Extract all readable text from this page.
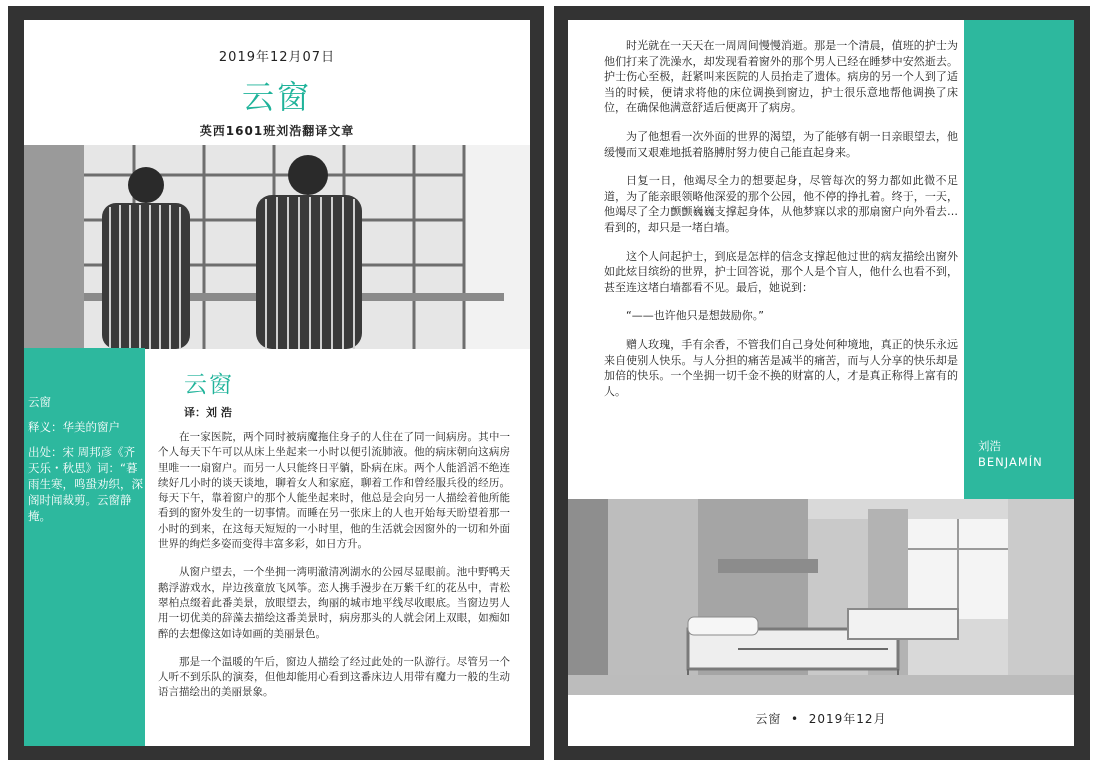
2019年12月07日
云窗
英西1601班刘浩翻译文章

云窗

释义：华美的窗户

出处：宋 周邦彦《齐天乐・秋思》词：“暮雨生寒，鸣蛩劝织，深阁时闻裁剪。云窗静掩。

云窗
译：刘 浩

在一家医院，两个同时被病魔拖住身子的人住在了同一间病房。其中一个人每天下午可以从床上坐起来一小时以便引流肺液。他的病床朝向这病房里唯一一扇窗户。而另一人只能终日平躺，卧病在床。两个人能滔滔不绝连续好几小时的谈天谈地，聊着女人和家庭，聊着工作和曾经服兵役的经历。每天下午，靠着窗户的那个人能坐起来时，他总是会向另一人描绘着他所能看到的窗外发生的一切事情。而睡在另一张床上的人也开始每天盼望着那一小时的到来，在这每天短短的一小时里，他的生活就会因窗外的一切和外面世界的绚烂多姿而变得丰富多彩，如日方升。

从窗户望去，一个坐拥一湾明澈清冽湖水的公园尽显眼前。池中野鸭天鹅浮游戏水，岸边孩童放飞风筝。恋人携手漫步在万紫千红的花丛中，青松翠柏点缀着此番美景，放眼望去，绚丽的城市地平线尽收眼底。当窗边男人用一切优美的辞藻去描绘这番美景时，病房那头的人就会闭上双眼，如痴如醉的去想像这如诗如画的美丽景色。

那是一个温暖的午后，窗边人描绘了经过此处的一队游行。尽管另一个人听不到乐队的演奏，但他却能用心看到这番床边人用带有魔力一般的生动语言描绘出的美丽景象。

时光就在一天天在一周周间慢慢消逝。那是一个清晨，值班的护士为他们打来了洗澡水，却发现看着窗外的那个男人已经在睡梦中安然逝去。护士伤心至极，赶紧叫来医院的人员抬走了遗体。病房的另一个人到了适当的时候，便请求将他的床位调换到窗边，护士很乐意地帮他调换了床位，在确保他满意舒适后便离开了病房。

为了他想看一次外面的世界的渴望，为了能够有朝一日亲眼望去，他缓慢而又艰难地抵着胳膊肘努力使自己能直起身来。

日复一日，他竭尽全力的想要起身，尽管每次的努力都如此微不足道，为了能亲眼领略他深爱的那个公园，他不停的挣扎着。终于，一天，他竭尽了全力颤颤巍巍支撑起身体，从他梦寐以求的那扇窗户向外看去…看到的，却只是一堵白墙。

这个人问起护士，到底是怎样的信念支撑起他过世的病友描绘出窗外如此炫目缤纷的世界，护士回答说，那个人是个盲人，他什么也看不到，甚至连这堵白墙都看不见。最后，她说到：

“——也许他只是想鼓励你。”

赠人玫瑰，手有余香，不管我们自己身处何种境地，真正的快乐永远来自使别人快乐。与人分担的痛苦是减半的痛苦，而与人分享的快乐却是加倍的快乐。一个坐拥一切千金不换的财富的人，才是真正称得上富有的人。

刘浩
BENJAMÍN
云窗  •  2019年12月
